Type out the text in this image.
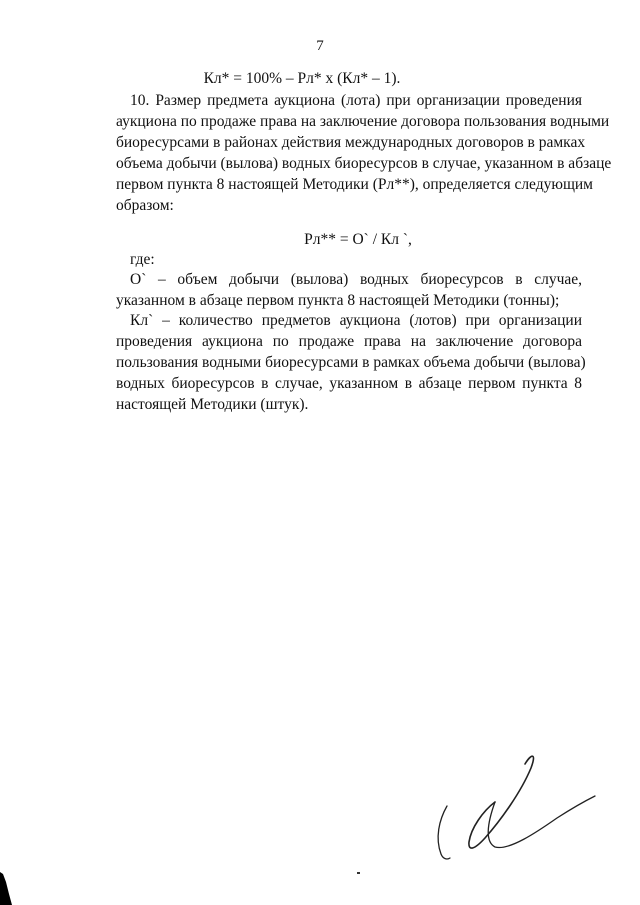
7
Кл* = 100% – Рл* х (Кл* – 1).
10. Размер предмета аукциона (лота) при организации проведения
аукциона по продаже права на заключение договора пользования водными
биоресурсами в районах действия международных договоров в рамках
объема добычи (вылова) водных биоресурсов в случае, указанном в абзаце
первом пункта 8 настоящей Методики (Рл**), определяется следующим
образом:
Рл** = О` / Кл `,
где:
О` – объем добычи (вылова) водных биоресурсов в случае,
указанном в абзаце первом пункта 8 настоящей Методики (тонны);
Кл` – количество предметов аукциона (лотов) при организации
проведения аукциона по продаже права на заключение договора
пользования водными биоресурсами в рамках объема добычи (вылова)
водных биоресурсов в случае, указанном в абзаце первом пункта 8
настоящей Методики (штук).
